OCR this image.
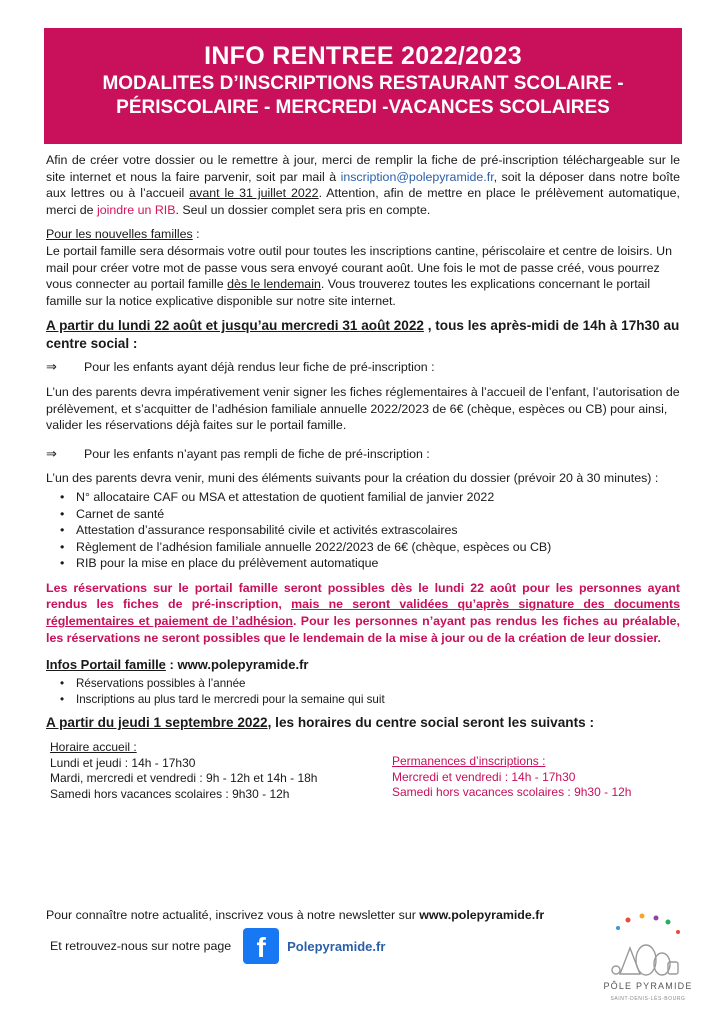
INFO RENTREE 2022/2023
MODALITES D’INSCRIPTIONS RESTAURANT SCOLAIRE -
PÉRISCOLAIRE - MERCREDI -VACANCES SCOLAIRES

Afin de créer votre dossier ou le remettre à jour, merci de remplir la fiche de pré-inscription téléchargeable sur le site internet et nous la faire parvenir, soit par mail à inscription@polepyramide.fr, soit la déposer dans notre boîte aux lettres ou à l’accueil avant le 31 juillet 2022. Attention, afin de mettre en place le prélèvement automatique, merci de joindre un RIB. Seul un dossier complet sera pris en compte.

Pour les nouvelles familles :
Le portail famille sera désormais votre outil pour toutes les inscriptions cantine, périscolaire et centre de loisirs. Un mail pour créer votre mot de passe vous sera envoyé courant août. Une fois le mot de passe créé, vous pourrez vous connecter au portail famille dès le lendemain. Vous trouverez toutes les explications concernant le portail famille sur la notice explicative disponible sur notre site internet.

A partir du lundi 22 août et jusqu’au mercredi 31 août 2022 , tous les après-midi de 14h à 17h30 au centre social :

⇒	Pour les enfants ayant déjà rendus leur fiche de pré-inscription :

L’un des parents devra impérativement venir signer les fiches réglementaires à l’accueil de l’enfant, l’autorisation de prélèvement, et s’acquitter de l’adhésion familiale annuelle 2022/2023 de 6€ (chèque, espèces ou CB) pour ainsi, valider les réservations déjà faites sur le portail famille.

⇒	Pour les enfants n’ayant pas rempli de fiche de pré-inscription :

L’un des parents devra venir, muni des éléments suivants pour la création du dossier (prévoir 20 à 30 minutes) :

• N° allocataire CAF ou MSA et attestation de quotient familial de janvier 2022
• Carnet de santé
• Attestation d’assurance responsabilité civile et activités extrascolaires
• Règlement de l’adhésion familiale annuelle 2022/2023 de 6€ (chèque, espèces ou CB)
• RIB pour la mise en place du prélèvement automatique

Les réservations sur le portail famille seront possibles dès le lundi 22 août pour les personnes ayant rendus les fiches de pré-inscription, mais ne seront validées qu’après signature des documents réglementaires et paiement de l’adhésion. Pour les personnes n’ayant pas rendus les fiches au préalable, les réservations ne seront possibles que le lendemain de la mise à jour ou de la création de leur dossier.

Infos Portail famille : www.polepyramide.fr

• Réservations possibles à l’année
• Inscriptions au plus tard le mercredi pour la semaine qui suit

A partir du jeudi 1 septembre 2022, les horaires du centre social seront les suivants :

Horaire accueil :
Lundi et jeudi : 14h - 17h30
Mardi, mercredi et vendredi : 9h - 12h et 14h - 18h
Samedi hors vacances scolaires : 9h30 - 12h
Permanences d’inscriptions :
Mercredi et vendredi : 14h - 17h30
Samedi hors vacances scolaires : 9h30 - 12h
Pour connaître notre actualité, inscrivez vous à notre newsletter sur www.polepyramide.fr
Et retrouvez-nous sur notre page f	Polepyramide.fr
PÔLE PYRAMIDE
SAINT-DENIS-LÈS-BOURG
